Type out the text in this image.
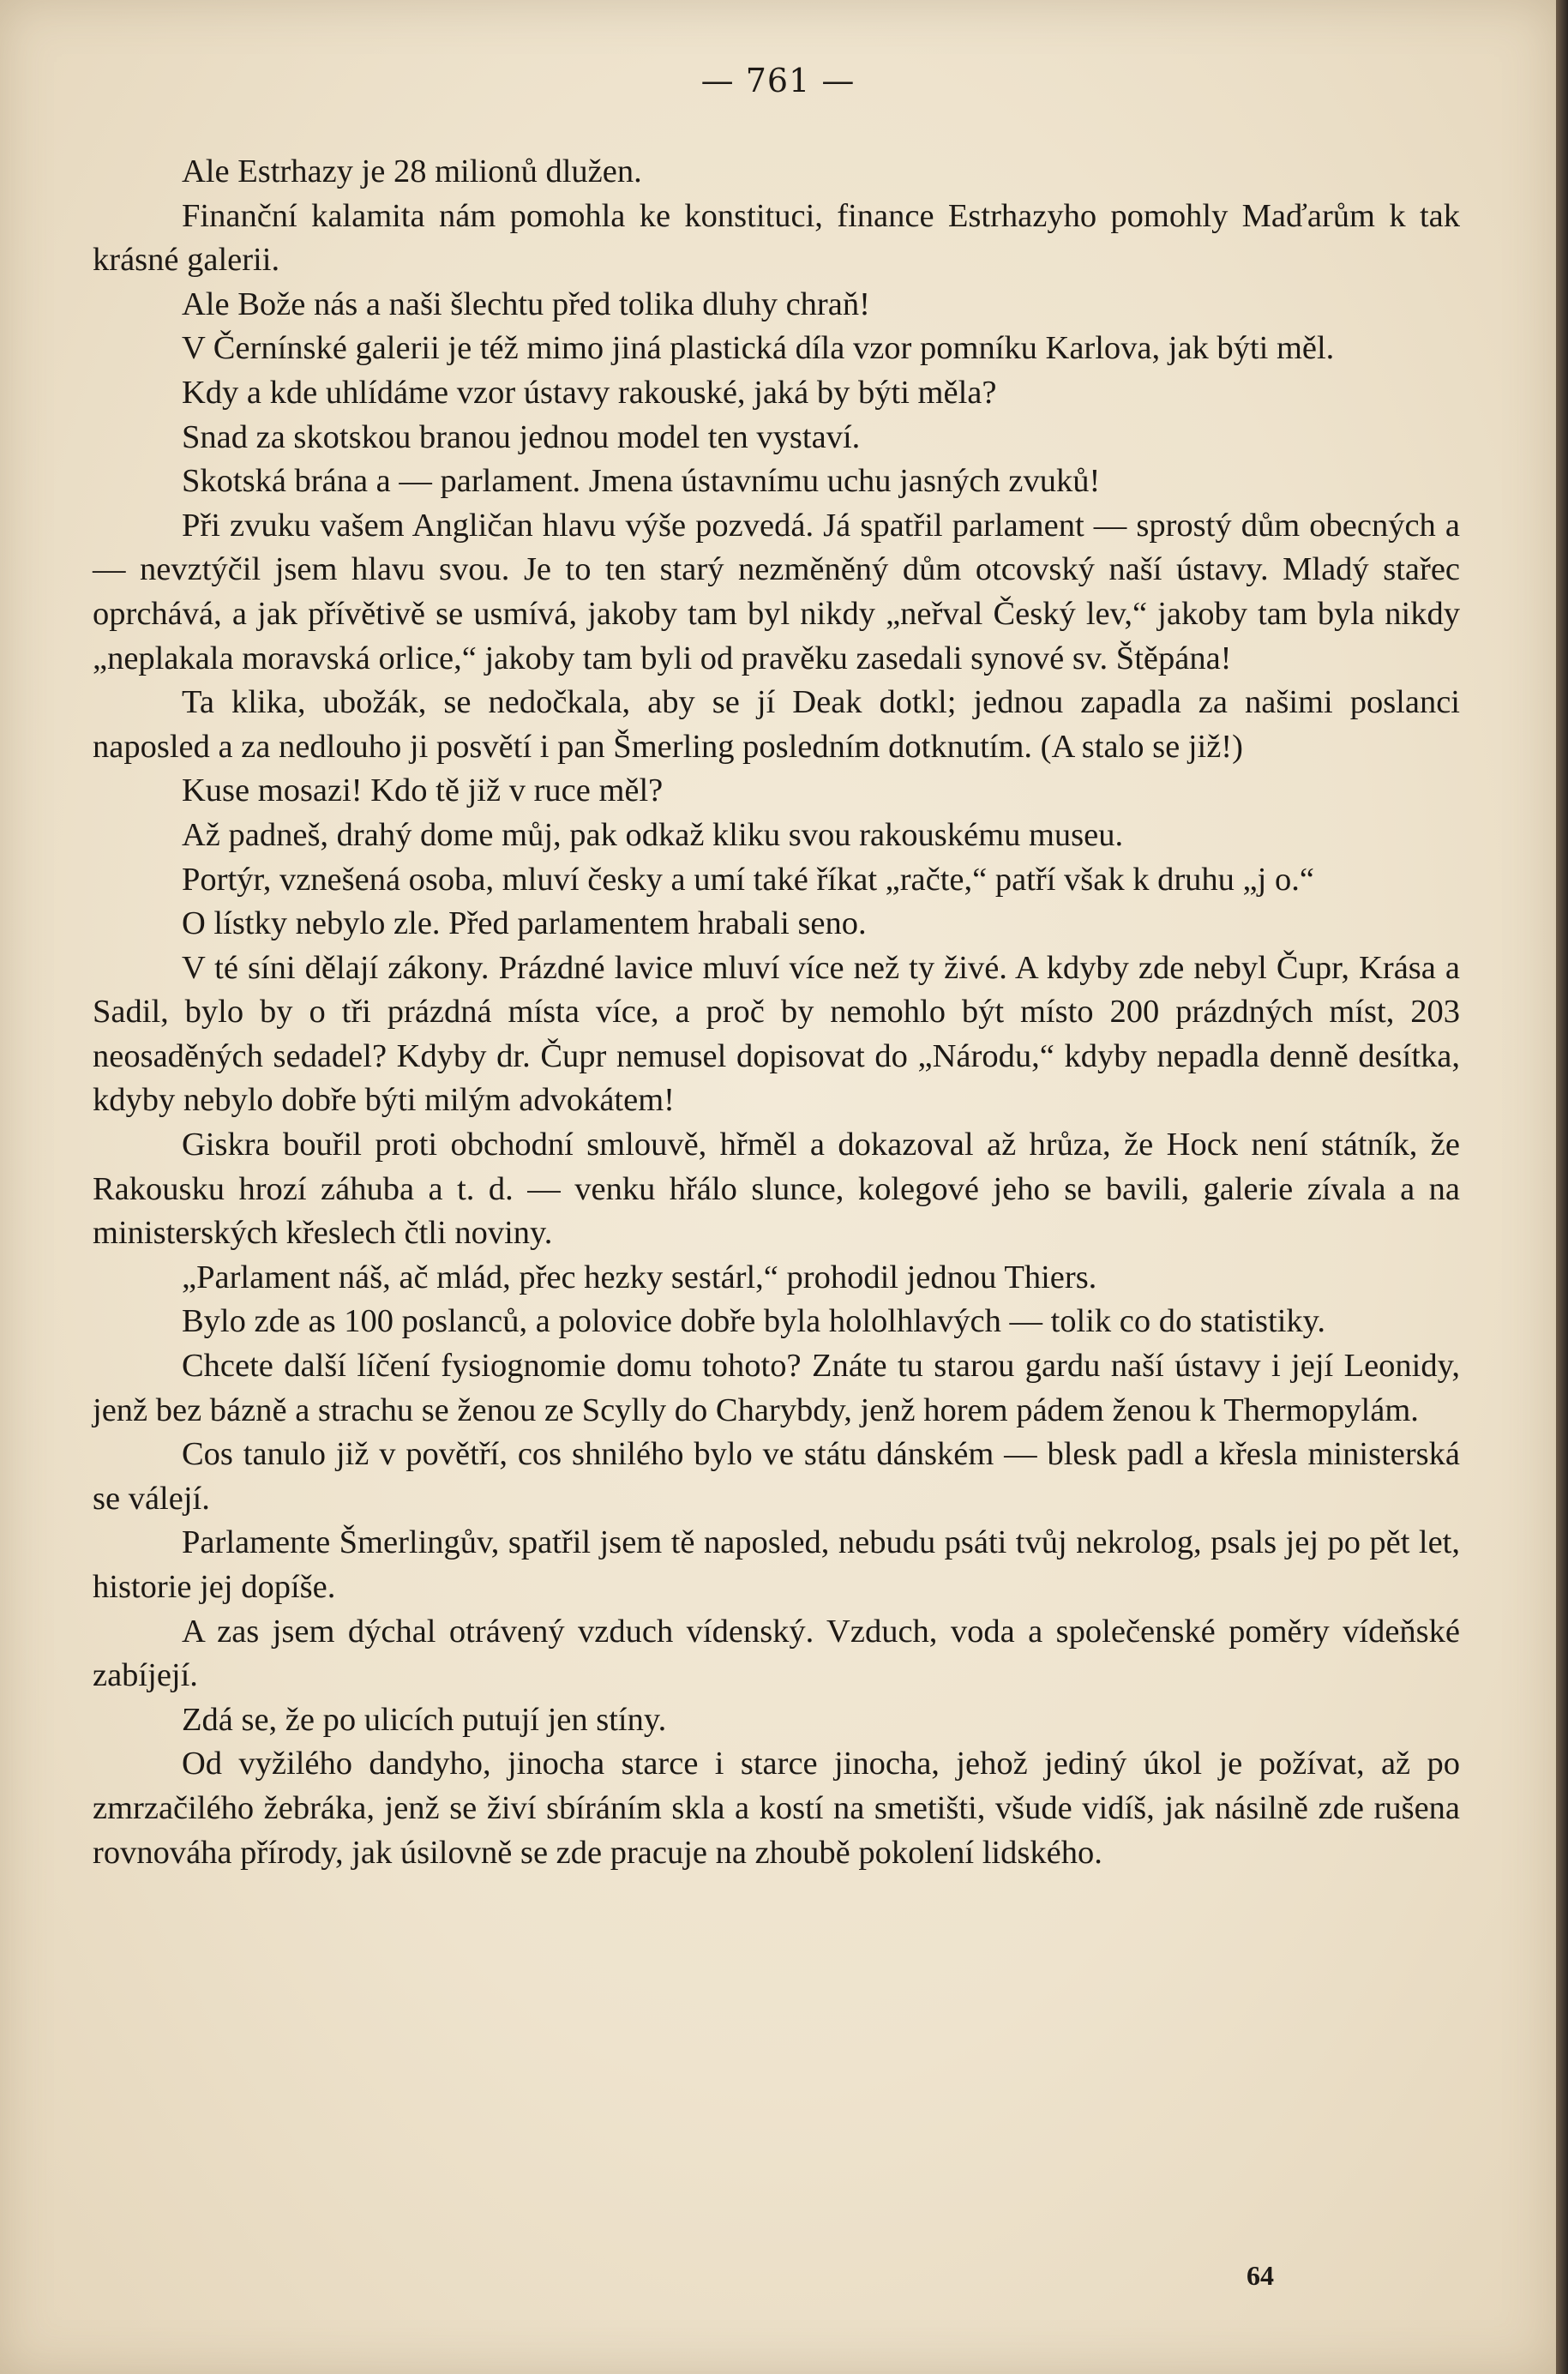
— 761 —

Ale Estrhazy je 28 milionů dlužen.

Finanční kalamita nám pomohla ke konstituci, finance Estrhazyho pomohly Maďarům k tak krásné galerii.

Ale Bože nás a naši šlechtu před tolika dluhy chraň!

V Černínské galerii je též mimo jiná plastická díla vzor pomníku Karlova, jak býti měl.

Kdy a kde uhlídáme vzor ústavy rakouské, jaká by býti měla?

Snad za skotskou branou jednou model ten vystaví.

Skotská brána a — parlament. Jmena ústavnímu uchu jasných zvuků!

Při zvuku vašem Angličan hlavu výše pozvedá. Já spatřil parlament — sprostý dům obecných a — nevztýčil jsem hlavu svou. Je to ten starý nezměněný dům otcovský naší ústavy. Mladý stařec oprchává, a jak přívětivě se usmívá, jakoby tam byl nikdy „neřval Český lev,“ jakoby tam byla nikdy „neplakala moravská orlice,“ jakoby tam byli od pravěku zasedali synové sv. Štěpána!

Ta klika, ubožák, se nedočkala, aby se jí Deak dotkl; jednou zapadla za našimi poslanci naposled a za nedlouho ji posvětí i pan Šmerling posledním dotknutím. (A stalo se již!)

Kuse mosazi! Kdo tě již v ruce měl?

Až padneš, drahý dome můj, pak odkaž kliku svou rakouskému museu.

Portýr, vznešená osoba, mluví česky a umí také říkat „račte,“ patří však k druhu „j o.“

O lístky nebylo zle. Před parlamentem hrabali seno.

V té síni dělají zákony. Prázdné lavice mluví více než ty živé. A kdyby zde nebyl Čupr, Krása a Sadil, bylo by o tři prázdná místa více, a proč by nemohlo být místo 200 prázdných míst, 203 neosaděných sedadel? Kdyby dr. Čupr nemusel dopisovat do „Národu,“ kdyby nepadla denně desítka, kdyby nebylo dobře býti milým advokátem!

Giskra bouřil proti obchodní smlouvě, hřměl a dokazoval až hrůza, že Hock není státník, že Rakousku hrozí záhuba a t. d. — venku hřálo slunce, kolegové jeho se bavili, galerie zívala a na ministerských křeslech čtli noviny.

„Parlament náš, ač mlád, přec hezky sestárl,“ prohodil jednou Thiers.

Bylo zde as 100 poslanců, a polovice dobře byla hololhlavých — tolik co do statistiky.

Chcete další líčení fysiognomie domu tohoto? Znáte tu starou gardu naší ústavy i její Leonidy, jenž bez bázně a strachu se ženou ze Scylly do Charybdy, jenž horem pádem ženou k Thermopylám.

Cos tanulo již v povětří, cos shnilého bylo ve státu dánském — blesk padl a křesla ministerská se válejí.

Parlamente Šmerlingův, spatřil jsem tě naposled, nebudu psáti tvůj nekrolog, psals jej po pět let, historie jej dopíše.

A zas jsem dýchal otrávený vzduch vídenský. Vzduch, voda a společenské poměry vídeňské zabíjejí.

Zdá se, že po ulicích putují jen stíny.

Od vyžilého dandyho, jinocha starce i starce jinocha, jehož jediný úkol je požívat, až po zmrzačilého žebráka, jenž se živí sbíráním skla a kostí na smetišti, všude vidíš, jak násilně zde rušena rovnováha přírody, jak úsilovně se zde pracuje na zhoubě pokolení lidského.

64
